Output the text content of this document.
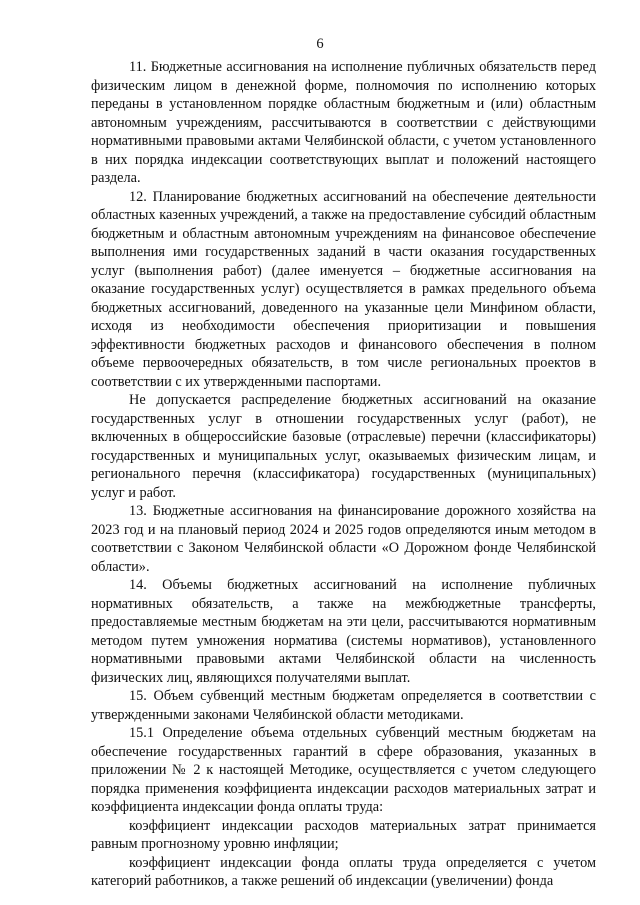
6

11. Бюджетные ассигнования на исполнение публичных обязательств перед физическим лицом в денежной форме, полномочия по исполнению которых переданы в установленном порядке областным бюджетным и (или) областным автономным учреждениям, рассчитываются в соответствии с действующими нормативными правовыми актами Челябинской области, с учетом установленного в них порядка индексации соответствующих выплат и положений настоящего раздела.

12. Планирование бюджетных ассигнований на обеспечение деятельности областных казенных учреждений, а также на предоставление субсидий областным бюджетным и областным автономным учреждениям на финансовое обеспечение выполнения ими государственных заданий в части оказания государственных услуг (выполнения работ) (далее именуется – бюджетные ассигнования на оказание государственных услуг) осуществляется в рамках предельного объема бюджетных ассигнований, доведенного на указанные цели Минфином области, исходя из необходимости обеспечения приоритизации и повышения эффективности бюджетных расходов и финансового обеспечения в полном объеме первоочередных обязательств, в том числе региональных проектов в соответствии с их утвержденными паспортами.

Не допускается распределение бюджетных ассигнований на оказание государственных услуг в отношении государственных услуг (работ), не включенных в общероссийские базовые (отраслевые) перечни (классификаторы) государственных и муниципальных услуг, оказываемых физическим лицам, и регионального перечня (классификатора) государственных (муниципальных) услуг и работ.

13. Бюджетные ассигнования на финансирование дорожного хозяйства на 2023 год и на плановый период 2024 и 2025 годов определяются иным методом в соответствии с Законом Челябинской области «О Дорожном фонде Челябинской области».

14. Объемы бюджетных ассигнований на исполнение публичных нормативных обязательств, а также на межбюджетные трансферты, предоставляемые местным бюджетам на эти цели, рассчитываются нормативным методом путем умножения норматива (системы нормативов), установленного нормативными правовыми актами Челябинской области на численность физических лиц, являющихся получателями выплат.

15. Объем субвенций местным бюджетам определяется в соответствии с утвержденными законами Челябинской области методиками.

15.1 Определение объема отдельных субвенций местным бюджетам на обеспечение государственных гарантий в сфере образования, указанных в приложении № 2 к настоящей Методике, осуществляется с учетом следующего порядка применения коэффициента индексации расходов материальных затрат и коэффициента индексации фонда оплаты труда:

коэффициент индексации расходов материальных затрат принимается равным прогнозному уровню инфляции;

коэффициент индексации фонда оплаты труда определяется с учетом категорий работников, а также решений об индексации (увеличении) фонда
